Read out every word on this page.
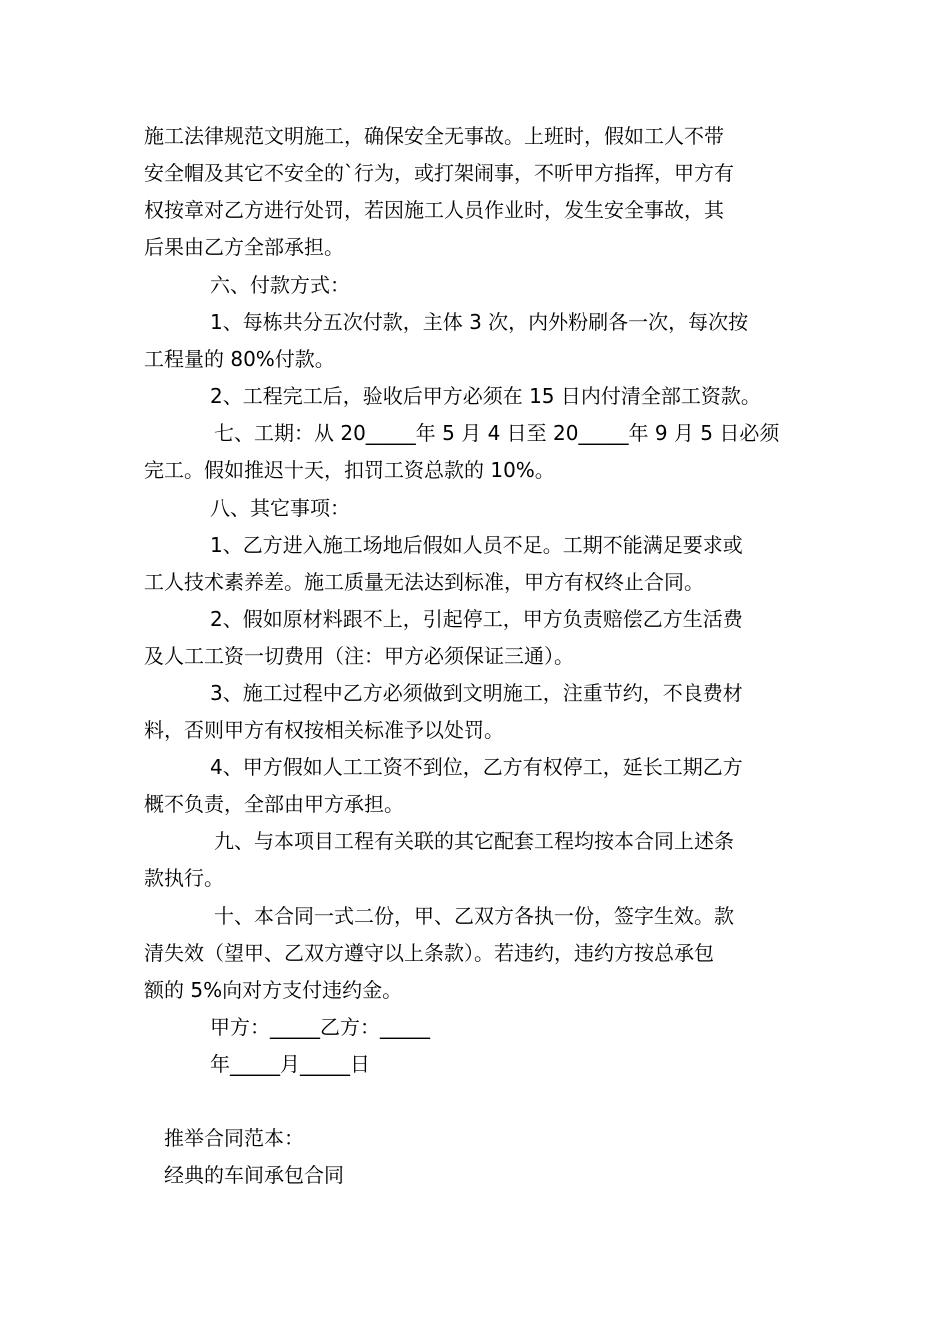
施工法律规范文明施工，确保安全无事故。上班时，假如工人不带
安全帽及其它不安全的`行为，或打架闹事，不听甲方指挥，甲方有
权按章对乙方进行处罚，若因施工人员作业时，发生安全事故，其
后果由乙方全部承担。
六、付款方式：
1、每栋共分五次付款，主体 3 次，内外粉刷各一次，每次按
工程量的 80%付款。
2、工程完工后，验收后甲方必须在 15 日内付清全部工资款。
七、工期：从 20_____年 5 月 4 日至 20_____年 9 月 5 日必须
完工。假如推迟十天，扣罚工资总款的 10%。
八、其它事项：
1、乙方进入施工场地后假如人员不足。工期不能满足要求或
工人技术素养差。施工质量无法达到标准，甲方有权终止合同。
2、假如原材料跟不上，引起停工，甲方负责赔偿乙方生活费
及人工工资一切费用（注：甲方必须保证三通）。
3、施工过程中乙方必须做到文明施工，注重节约，不良费材
料，否则甲方有权按相关标准予以处罚。
4、甲方假如人工工资不到位，乙方有权停工，延长工期乙方
概不负责，全部由甲方承担。
九、与本项目工程有关联的其它配套工程均按本合同上述条
款执行。
十、本合同一式二份，甲、乙双方各执一份，签字生效。款
清失效（望甲、乙双方遵守以上条款）。若违约，违约方按总承包
额的 5%向对方支付违约金。
甲方：_____乙方：_____
年_____月_____日
推举合同范本：
经典的车间承包合同
